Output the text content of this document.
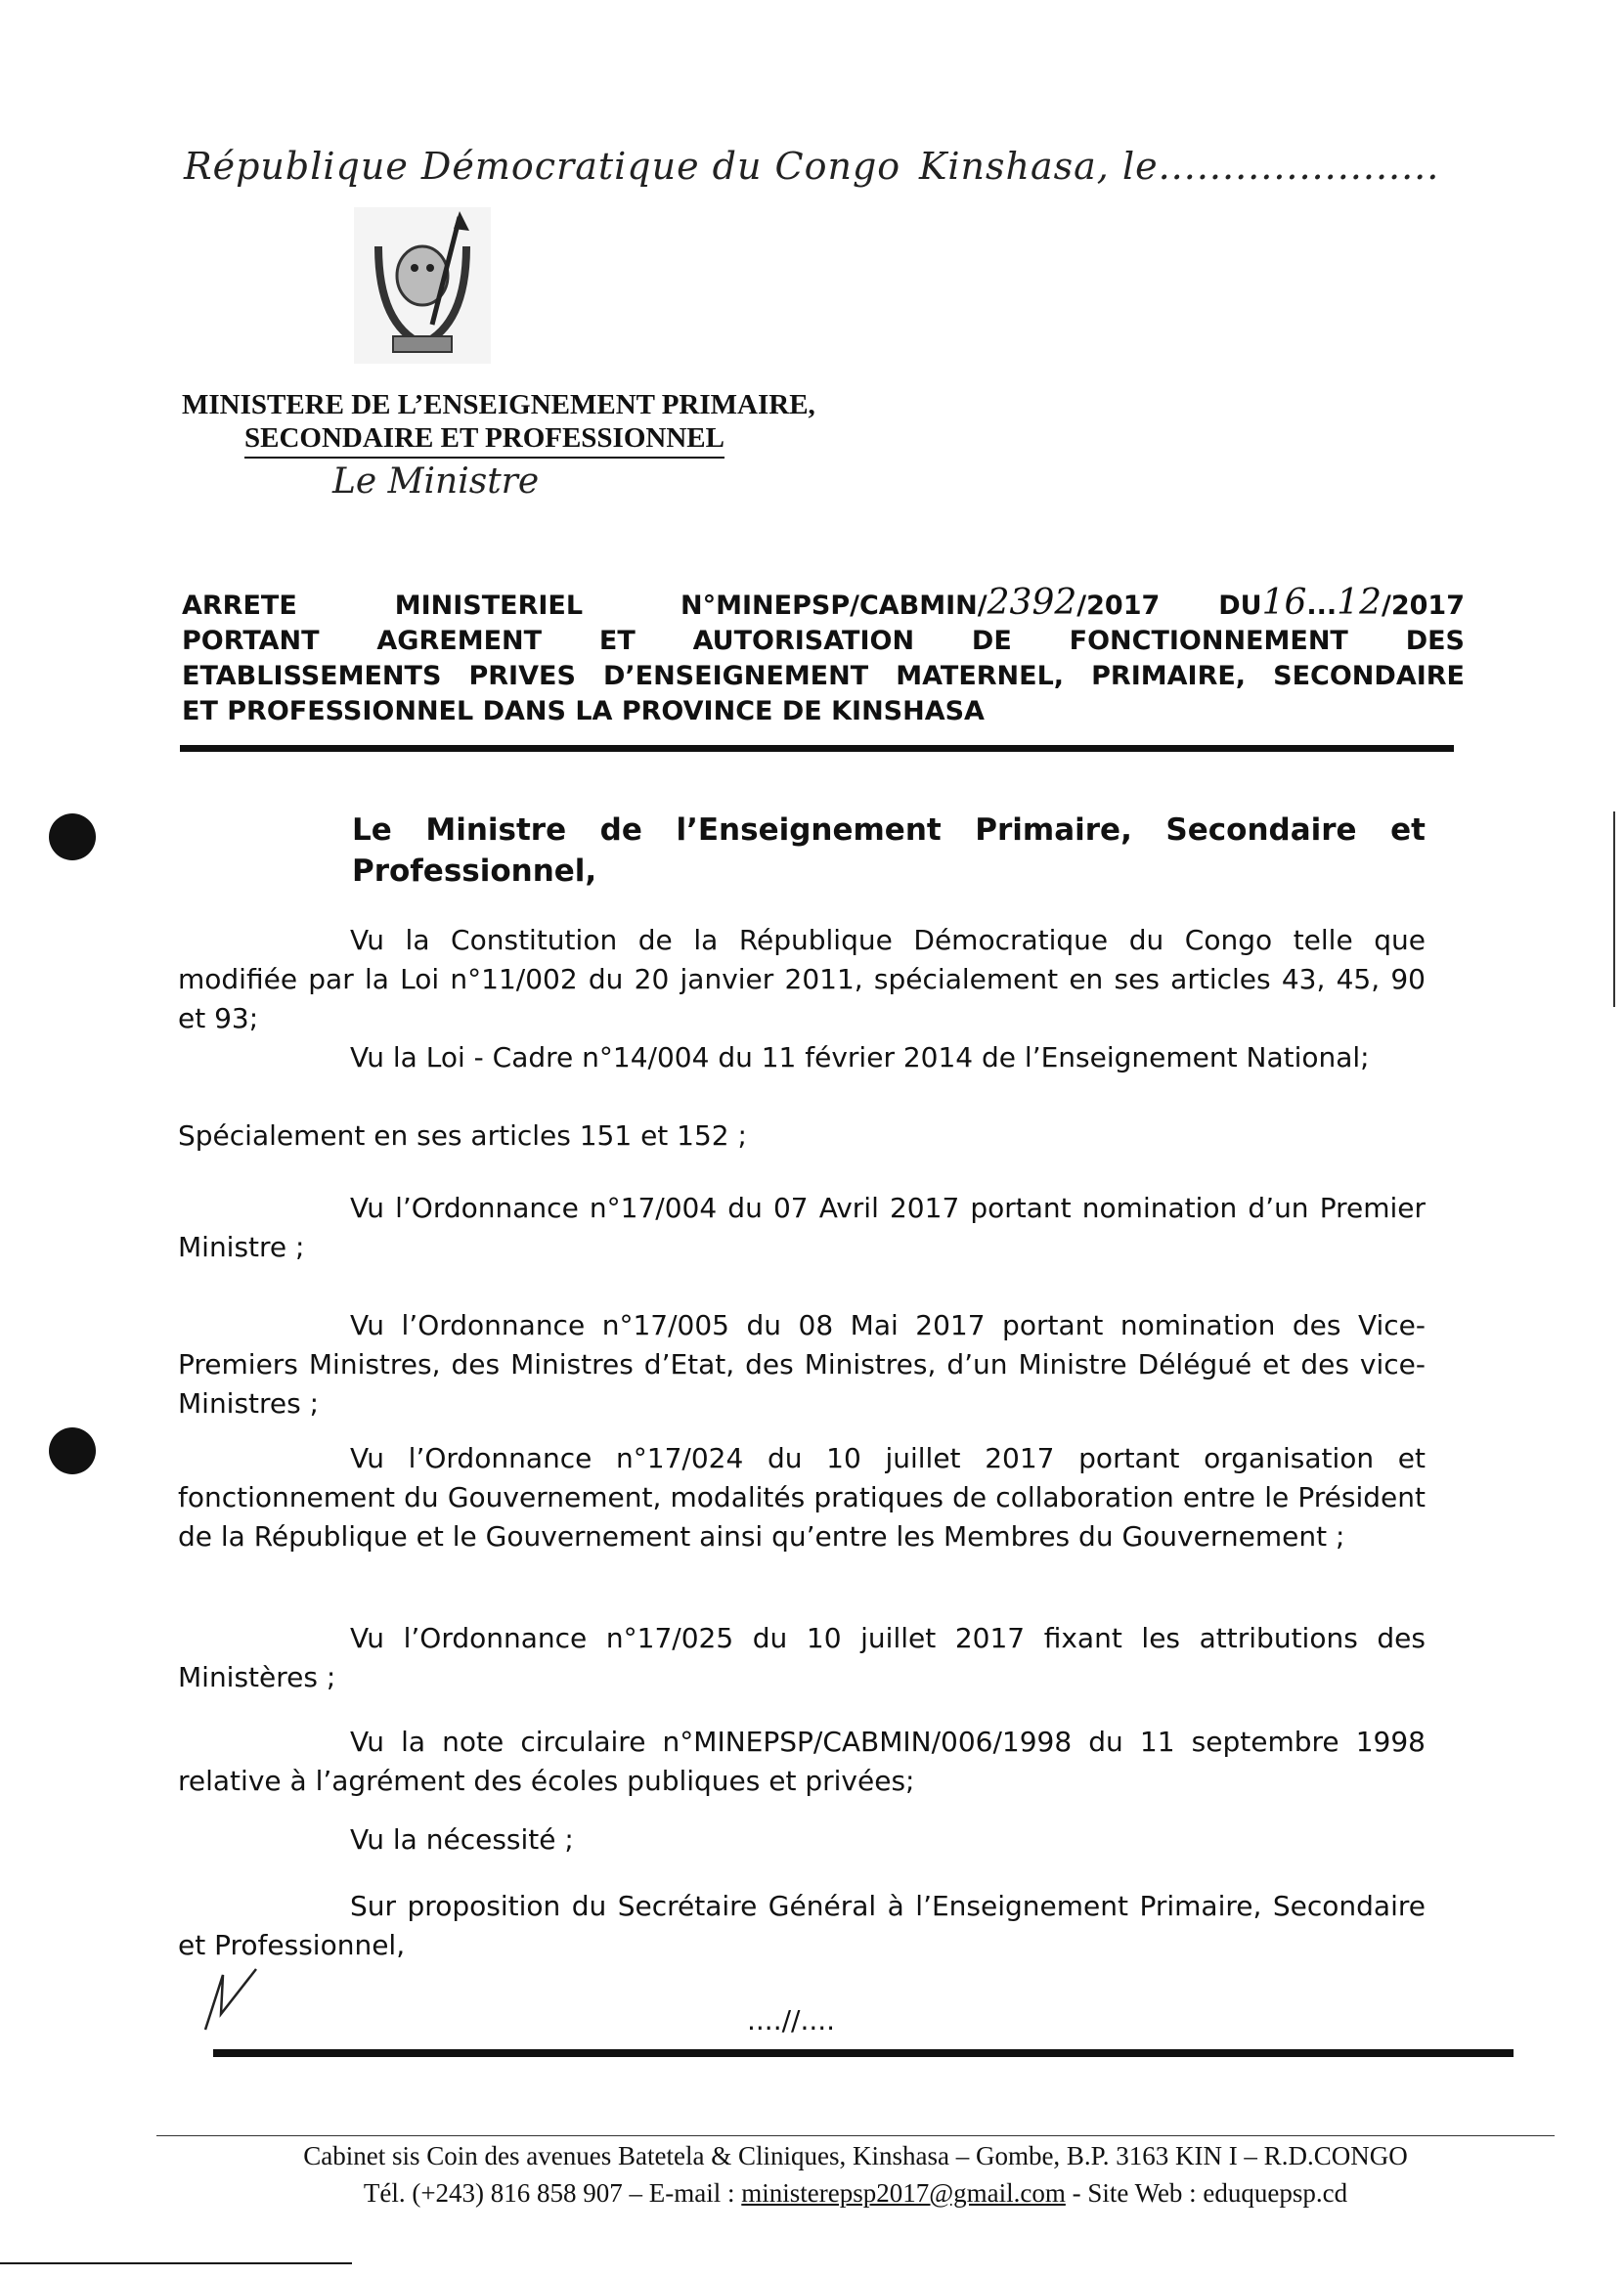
République Démocratique du Congo Kinshasa, le......................
MINISTERE DE L’ENSEIGNEMENT PRIMAIRE,
SECONDAIRE ET PROFESSIONNEL
Le Ministre
ARRETE	MINISTERIEL	N°MINEPSP/CABMIN/ 2392 /2017 DU 16 ... 12 /2017
PORTANT AGREMENT ET AUTORISATION DE FONCTIONNEMENT DES
ETABLISSEMENTS PRIVES D’ENSEIGNEMENT MATERNEL, PRIMAIRE, SECONDAIRE
ET PROFESSIONNEL DANS LA PROVINCE DE KINSHASA
Le Ministre de l’Enseignement Primaire, Secondaire et Professionnel,
Vu la Constitution de la République Démocratique du Congo telle que modifiée par la Loi n°11/002 du 20 janvier 2011, spécialement en ses articles 43, 45, 90 et 93;
Vu la Loi - Cadre n°14/004 du 11 février 2014 de l’Enseignement National;
Spécialement en ses articles 151 et 152 ;
Vu l’Ordonnance n°17/004 du 07 Avril 2017 portant nomination d’un Premier Ministre ;
Vu l’Ordonnance n°17/005 du 08 Mai 2017 portant nomination des Vice-Premiers Ministres, des Ministres d’Etat, des Ministres, d’un Ministre Délégué et des vice-Ministres ;
Vu l’Ordonnance n°17/024 du 10 juillet 2017 portant organisation et fonctionnement du Gouvernement, modalités pratiques de collaboration entre le Président de la République et le Gouvernement ainsi qu’entre les Membres du Gouvernement ;
Vu l’Ordonnance n°17/025 du 10 juillet 2017 fixant les attributions des Ministères ;
Vu la note circulaire n°MINEPSP/CABMIN/006/1998 du 11 septembre 1998 relative à l’agrément des écoles publiques et privées;
Vu la nécessité ;
Sur proposition du Secrétaire Général à l’Enseignement Primaire, Secondaire et Professionnel,
....//....
Cabinet sis Coin des avenues Batetela & Cliniques, Kinshasa – Gombe, B.P. 3163 KIN I – R.D.CONGO
Tél. (+243) 816 858 907 – E-mail : ministerepsp2017@gmail.com - Site Web : eduquepsp.cd
